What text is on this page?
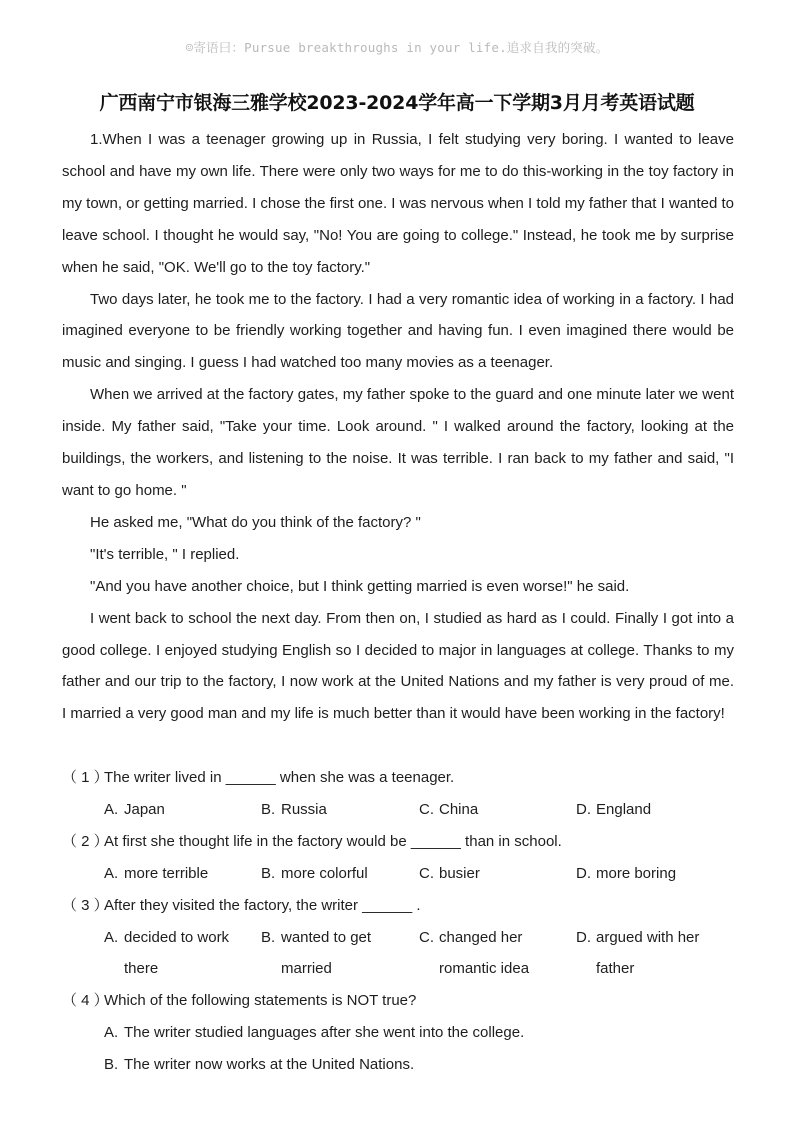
☺寄语曰：Pursue breakthroughs in your life.追求自我的突破。
广西南宁市银海三雅学校2023-2024学年高一下学期3月月考英语试题

1.When I was a teenager growing up in Russia, I felt studying very boring. I wanted to leave school and have my own life. There were only two ways for me to do this-working in the toy factory in my town, or getting married. I chose the first one. I was nervous when I told my father that I wanted to leave school. I thought he would say, "No! You are going to college." Instead, he took me by surprise when he said, "OK. We'll go to the toy factory."

Two days later, he took me to the factory. I had a very romantic idea of working in a factory. I had imagined everyone to be friendly working together and having fun. I even imagined there would be music and singing. I guess I had watched too many movies as a teenager.

When we arrived at the factory gates, my father spoke to the guard and one minute later we went inside. My father said, "Take your time. Look around. " I walked around the factory, looking at the buildings, the workers, and listening to the noise. It was terrible. I ran back to my father and said, "I want to go home. "

He asked me, "What do you think of the factory? "

"It's terrible, " I replied.

"And you have another choice, but I think getting married is even worse!" he said.

I went back to school the next day. From then on, I studied as hard as I could. Finally I got into a good college. I enjoyed studying English so I decided to major in languages at college. Thanks to my father and our trip to the factory, I now work at the United Nations and my father is very proud of me. I married a very good man and my life is much better than it would have been working in the factory!

（ 1 ）
The writer lived in ______ when she was a teenager.
A. Japan	B. Russia	C. China	D. England
（ 2 ）
At first she thought life in the factory would be ______ than in school.
A. more terrible	B. more colorful	C. busier	D. more boring
（ 3 ）
After they visited the factory, the writer ______ .
A. decided to work there
B. wanted to get married
C. changed her romantic idea
D. argued with her father
（ 4 ）
Which of the following statements is NOT true?
A. The writer studied languages after she went into the college.
B. The writer now works at the United Nations.
